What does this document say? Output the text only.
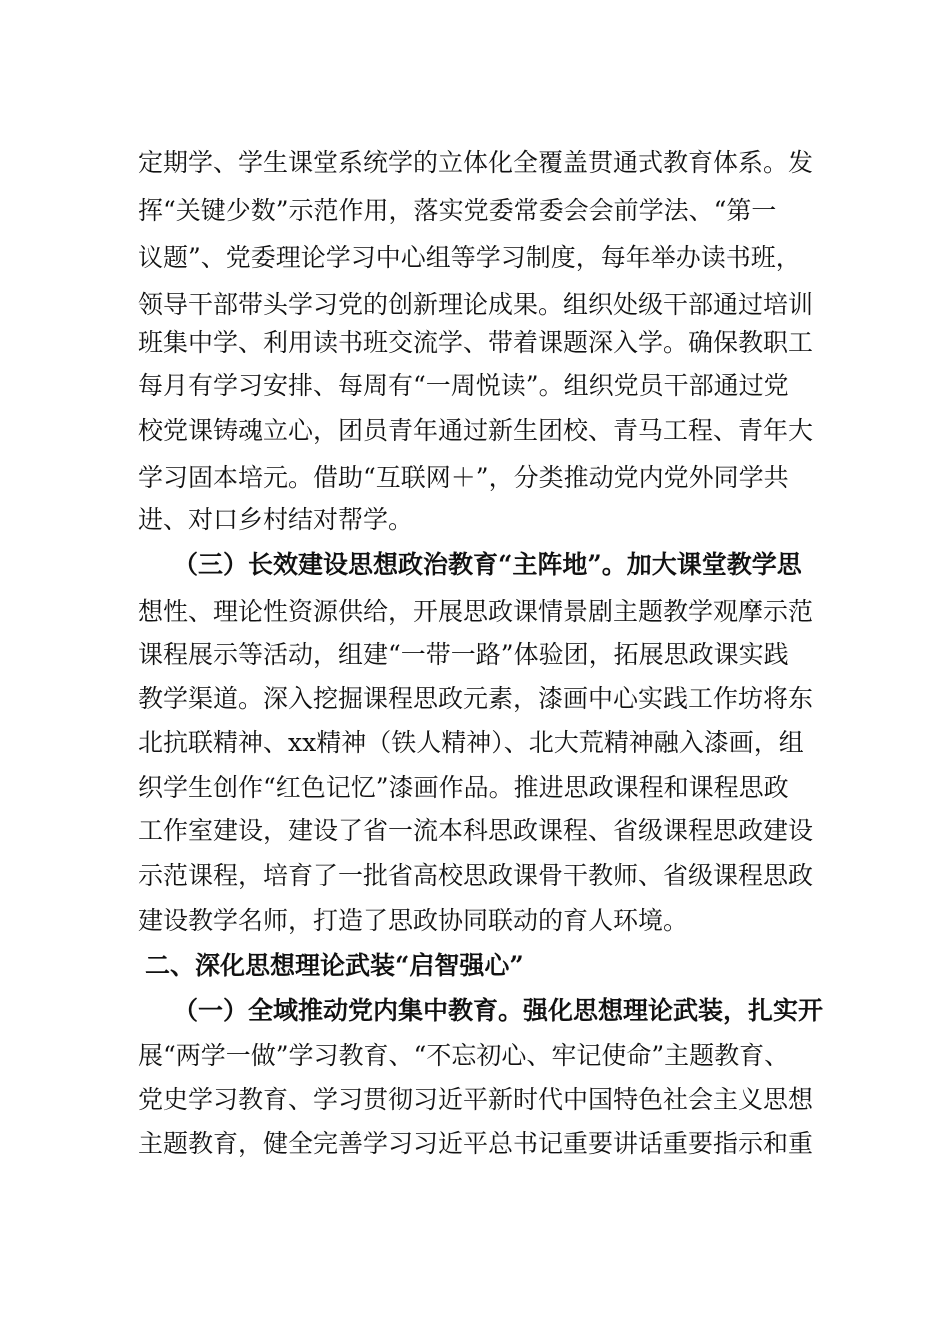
定期学、学生课堂系统学的立体化全覆盖贯通式教育体系。发
挥“关键少数”示范作用，落实党委常委会会前学法、“第一
议题”、党委理论学习中心组等学习制度，每年举办读书班，
领导干部带头学习党的创新理论成果。组织处级干部通过培训
班集中学、利用读书班交流学、带着课题深入学。确保教职工
每月有学习安排、每周有“一周悦读”。组织党员干部通过党
校党课铸魂立心，团员青年通过新生团校、青马工程、青年大
学习固本培元。借助“互联网＋”，分类推动党内党外同学共
进、对口乡村结对帮学。
（三）长效建设思想政治教育“主阵地”。加大课堂教学思
想性、理论性资源供给，开展思政课情景剧主题教学观摩示范
课程展示等活动，组建“一带一路”体验团，拓展思政课实践
教学渠道。深入挖掘课程思政元素，漆画中心实践工作坊将东
北抗联精神、xx精神（铁人精神）、北大荒精神融入漆画，组
织学生创作“红色记忆”漆画作品。推进思政课程和课程思政
工作室建设，建设了省一流本科思政课程、省级课程思政建设
示范课程，培育了一批省高校思政课骨干教师、省级课程思政
建设教学名师，打造了思政协同联动的育人环境。
二、深化思想理论武装“启智强心”
（一）全域推动党内集中教育。强化思想理论武装，扎实开
展“两学一做”学习教育、“不忘初心、牢记使命”主题教育、
党史学习教育、学习贯彻习近平新时代中国特色社会主义思想
主题教育，健全完善学习习近平总书记重要讲话重要指示和重
